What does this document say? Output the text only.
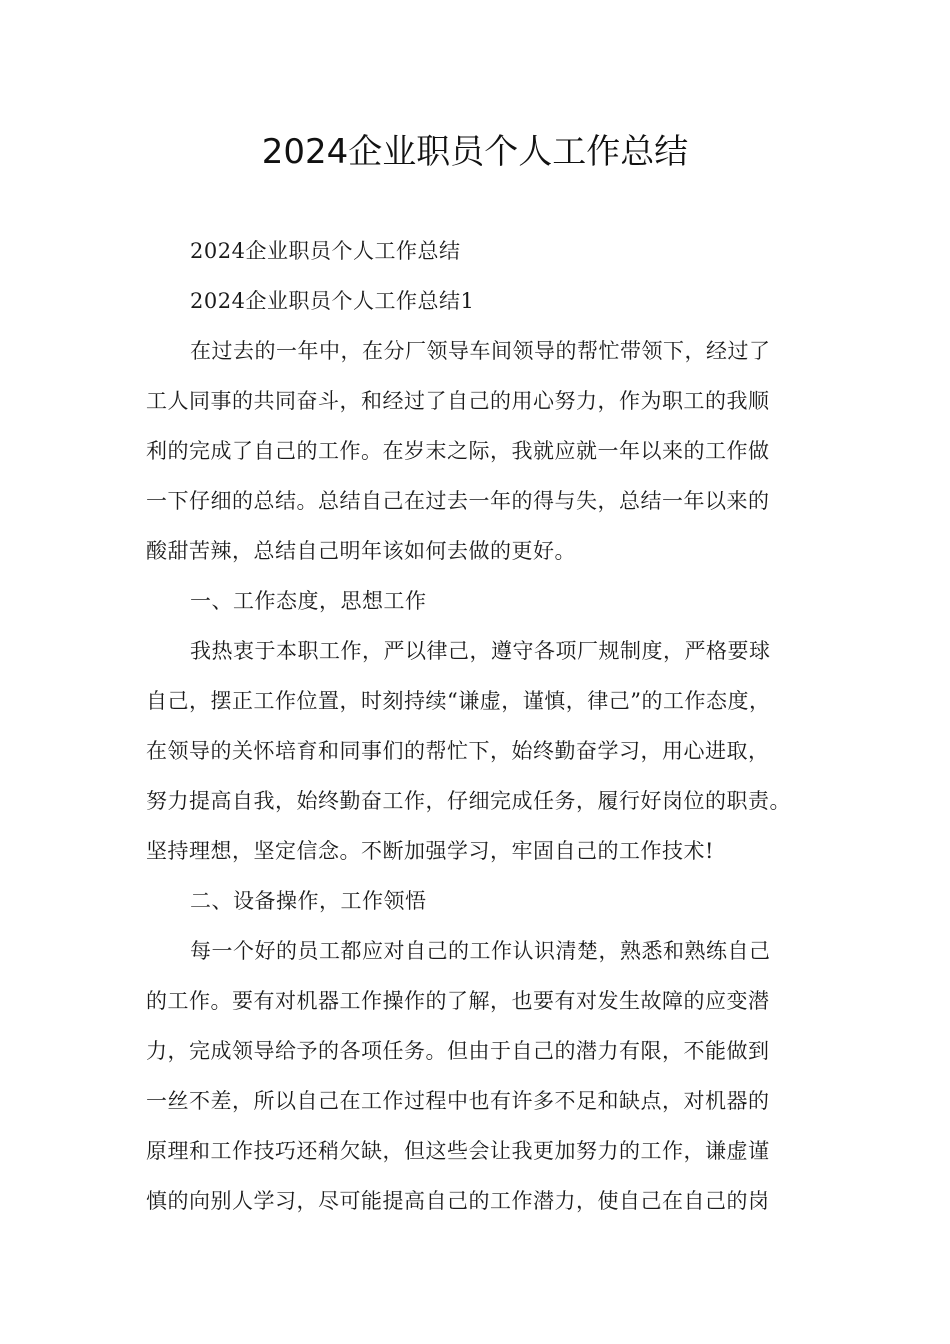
2024企业职员个人工作总结
2024企业职员个人工作总结
2024企业职员个人工作总结1
在过去的一年中，在分厂领导车间领导的帮忙带领下，经过了
工人同事的共同奋斗，和经过了自己的用心努力，作为职工的我顺
利的完成了自己的工作。在岁末之际，我就应就一年以来的工作做
一下仔细的总结。总结自己在过去一年的得与失，总结一年以来的
酸甜苦辣，总结自己明年该如何去做的更好。
一、工作态度，思想工作
我热衷于本职工作，严以律己，遵守各项厂规制度，严格要球
自己，摆正工作位置，时刻持续“谦虚，谨慎，律己”的工作态度，
在领导的关怀培育和同事们的帮忙下，始终勤奋学习，用心进取，
努力提高自我，始终勤奋工作，仔细完成任务，履行好岗位的职责。
坚持理想，坚定信念。不断加强学习，牢固自己的工作技术!
二、设备操作，工作领悟
每一个好的员工都应对自己的工作认识清楚，熟悉和熟练自己
的工作。要有对机器工作操作的了解，也要有对发生故障的应变潜
力，完成领导给予的各项任务。但由于自己的潜力有限，不能做到
一丝不差，所以自己在工作过程中也有许多不足和缺点，对机器的
原理和工作技巧还稍欠缺，但这些会让我更加努力的工作，谦虚谨
慎的向别人学习，尽可能提高自己的工作潜力，使自己在自己的岗
